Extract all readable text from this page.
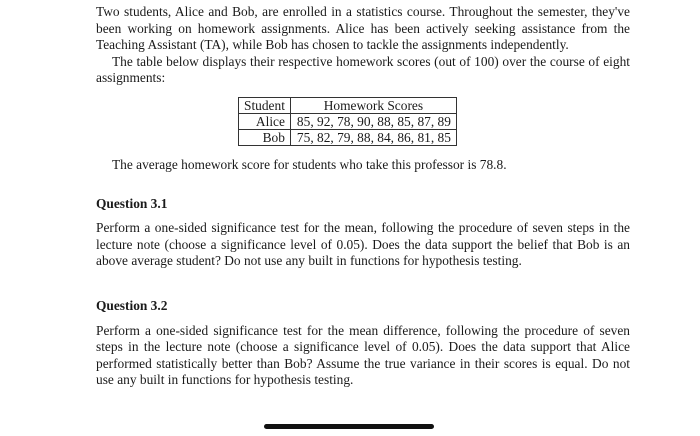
Two students, Alice and Bob, are enrolled in a statistics course. Throughout the semester, they've been working on homework assignments. Alice has been actively seeking assistance from the Teaching Assistant (TA), while Bob has chosen to tackle the assignments independently.

The table below displays their respective homework scores (out of 100) over the course of eight assignments:

Student	Homework Scores
Alice	85, 92, 78, 90, 88, 85, 87, 89
Bob	75, 82, 79, 88, 84, 86, 81, 85

The average homework score for students who take this professor is 78.8.

Question 3.1

Perform a one-sided significance test for the mean, following the procedure of seven steps in the lecture note (choose a significance level of 0.05). Does the data support the belief that Bob is an above average student? Do not use any built in functions for hypothesis testing.

Question 3.2

Perform a one-sided significance test for the mean difference, following the procedure of seven steps in the lecture note (choose a significance level of 0.05). Does the data support that Alice performed statistically better than Bob? Assume the true variance in their scores is equal. Do not use any built in functions for hypothesis testing.
